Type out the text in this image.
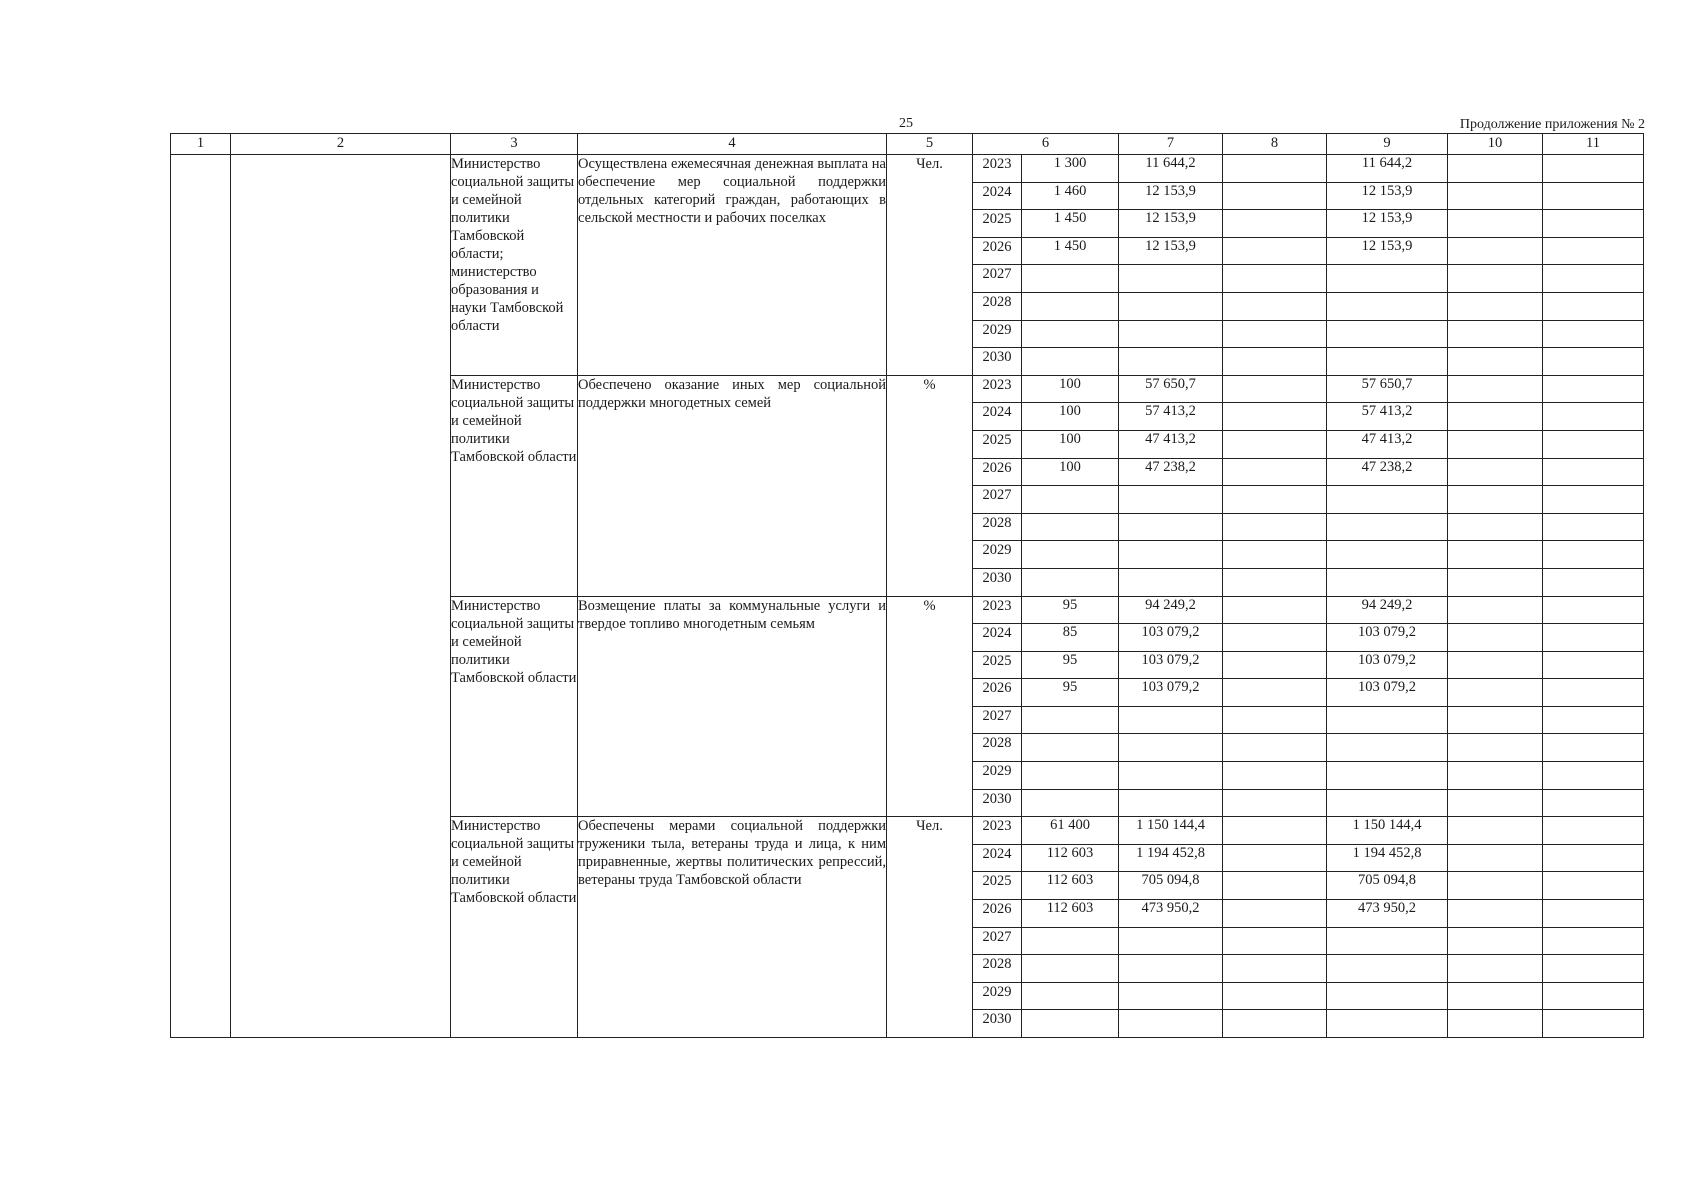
25	Продолжение приложения № 2
1	2	3	4	5	6		7	8	9	10	11
		Министерство социальной защиты и семейной политики Тамбовской области; министерство образования и науки Тамбовской области	Осуществлена ежемесячная денежная выплата на обеспечение мер социальной поддержки отдельных категорий граждан, работающих в сельской местности и рабочих поселках	Чел.	2023	1 300	11 644,2		11 644,2		
					2024	1 460	12 153,9		12 153,9		
					2025	1 450	12 153,9		12 153,9		
					2026	1 450	12 153,9		12 153,9		
					2027						
					2028						
					2029						
					2030						
		Министерство социальной защиты и семейной политики Тамбовской области	Обеспечено оказание иных мер социальной поддержки многодетных семей	%	2023	100	57 650,7		57 650,7		
					2024	100	57 413,2		57 413,2		
					2025	100	47 413,2		47 413,2		
					2026	100	47 238,2		47 238,2		
					2027						
					2028						
					2029						
					2030						
		Министерство социальной защиты и семейной политики Тамбовской области	Возмещение платы за коммунальные услуги и твердое топливо многодетным семьям	%	2023	95	94 249,2		94 249,2		
					2024	85	103 079,2		103 079,2		
					2025	95	103 079,2		103 079,2		
					2026	95	103 079,2		103 079,2		
					2027						
					2028						
					2029						
					2030						
		Министерство социальной защиты и семейной политики Тамбовской области	Обеспечены мерами социальной поддержки труженики тыла, ветераны труда и лица, к ним приравненные, жертвы политических репрессий, ветераны труда Тамбовской области	Чел.	2023	61 400	1 150 144,4		1 150 144,4		
					2024	112 603	1 194 452,8		1 194 452,8		
					2025	112 603	705 094,8		705 094,8		
					2026	112 603	473 950,2		473 950,2		
					2027						
					2028						
					2029						
					2030						
